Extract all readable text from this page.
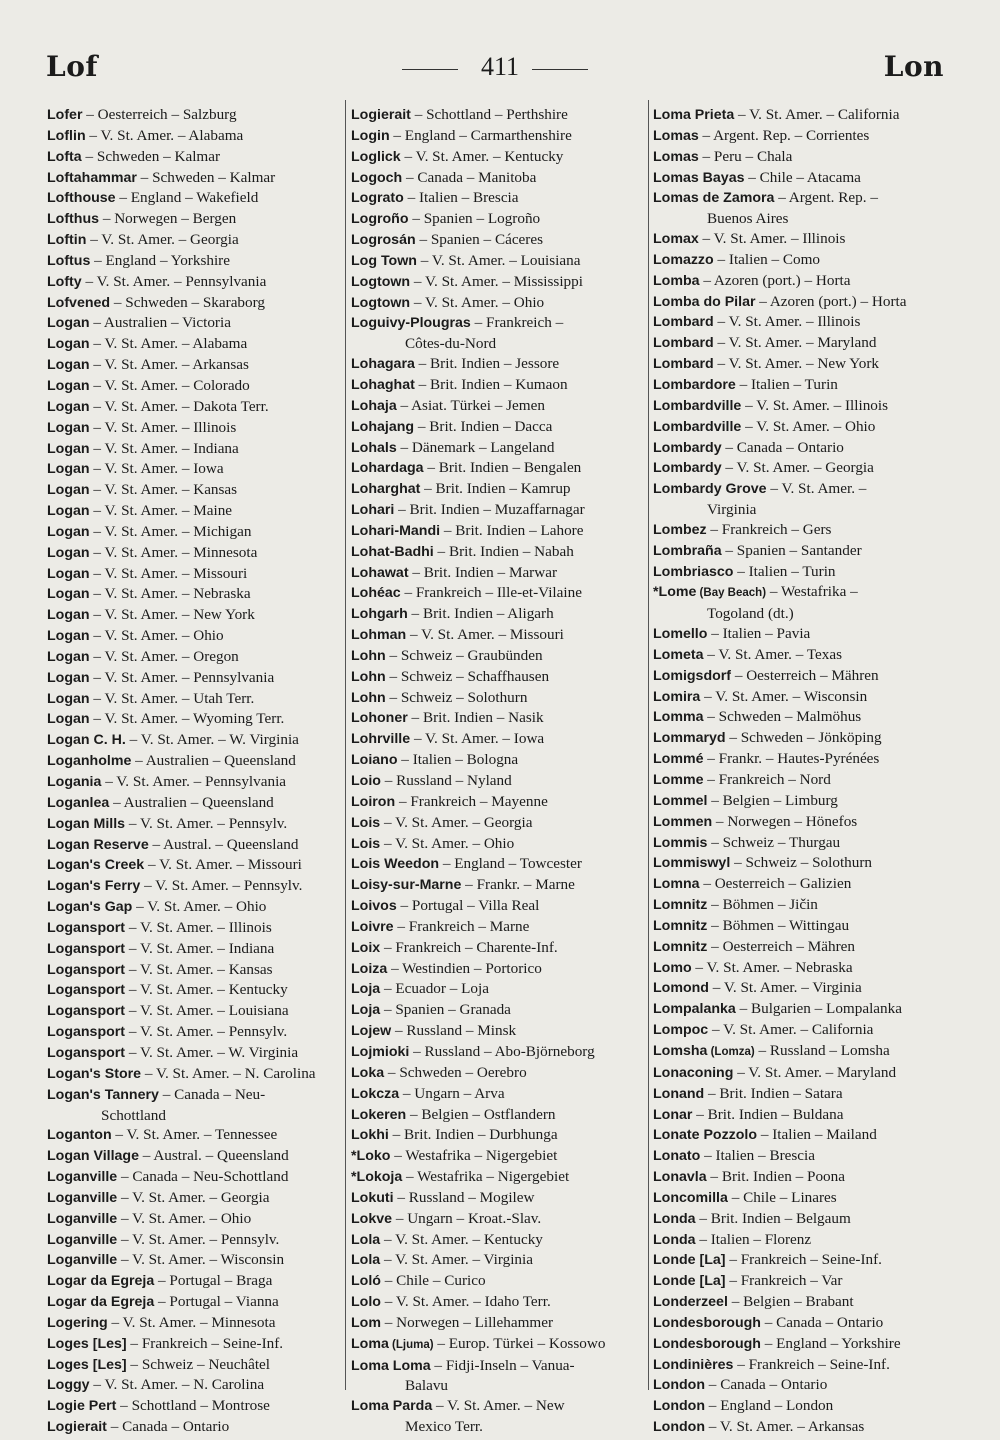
Lof	411	Lon
Lofer – Oesterreich – Salzburg
Loflin – V. St. Amer. – Alabama
Lofta – Schweden – Kalmar
Loftahammar – Schweden – Kalmar
Lofthouse – England – Wakefield
Lofthus – Norwegen – Bergen
Loftin – V. St. Amer. – Georgia
Loftus – England – Yorkshire
Lofty – V. St. Amer. – Pennsylvania
Lofvened – Schweden – Skaraborg
Logan – Australien – Victoria
Logan – V. St. Amer. – Alabama
Logan – V. St. Amer. – Arkansas
Logan – V. St. Amer. – Colorado
Logan – V. St. Amer. – Dakota Terr.
Logan – V. St. Amer. – Illinois
Logan – V. St. Amer. – Indiana
Logan – V. St. Amer. – Iowa
Logan – V. St. Amer. – Kansas
Logan – V. St. Amer. – Maine
Logan – V. St. Amer. – Michigan
Logan – V. St. Amer. – Minnesota
Logan – V. St. Amer. – Missouri
Logan – V. St. Amer. – Nebraska
Logan – V. St. Amer. – New York
Logan – V. St. Amer. – Ohio
Logan – V. St. Amer. – Oregon
Logan – V. St. Amer. – Pennsylvania
Logan – V. St. Amer. – Utah Terr.
Logan – V. St. Amer. – Wyoming Terr.
Logan C. H. – V. St. Amer. – W. Virginia
Loganholme – Australien – Queensland
Logania – V. St. Amer. – Pennsylvania
Loganlea – Australien – Queensland
Logan Mills – V. St. Amer. – Pennsylv.
Logan Reserve – Austral. – Queensland
Logan's Creek – V. St. Amer. – Missouri
Logan's Ferry – V. St. Amer. – Pennsylv.
Logan's Gap – V. St. Amer. – Ohio
Logansport – V. St. Amer. – Illinois
Logansport – V. St. Amer. – Indiana
Logansport – V. St. Amer. – Kansas
Logansport – V. St. Amer. – Kentucky
Logansport – V. St. Amer. – Louisiana
Logansport – V. St. Amer. – Pennsylv.
Logansport – V. St. Amer. – W. Virginia
Logan's Store – V. St. Amer. – N. Carolina
Logan's Tannery – Canada – Neu-
Schottland
Loganton – V. St. Amer. – Tennessee
Logan Village – Austral. – Queensland
Loganville – Canada – Neu-Schottland
Loganville – V. St. Amer. – Georgia
Loganville – V. St. Amer. – Ohio
Loganville – V. St. Amer. – Pennsylv.
Loganville – V. St. Amer. – Wisconsin
Logar da Egreja – Portugal – Braga
Logar da Egreja – Portugal – Vianna
Logering – V. St. Amer. – Minnesota
Loges [Les] – Frankreich – Seine-Inf.
Loges [Les] – Schweiz – Neuchâtel
Loggy – V. St. Amer. – N. Carolina
Logie Pert – Schottland – Montrose
Logierait – Canada – Ontario
Logierait – Schottland – Perthshire
Login – England – Carmarthenshire
Loglick – V. St. Amer. – Kentucky
Logoch – Canada – Manitoba
Lograto – Italien – Brescia
Logroño – Spanien – Logroño
Logrosán – Spanien – Cáceres
Log Town – V. St. Amer. – Louisiana
Logtown – V. St. Amer. – Mississippi
Logtown – V. St. Amer. – Ohio
Loguivy-Plougras – Frankreich –
Côtes-du-Nord
Lohagara – Brit. Indien – Jessore
Lohaghat – Brit. Indien – Kumaon
Lohaja – Asiat. Türkei – Jemen
Lohajang – Brit. Indien – Dacca
Lohals – Dänemark – Langeland
Lohardaga – Brit. Indien – Bengalen
Loharghat – Brit. Indien – Kamrup
Lohari – Brit. Indien – Muzaffarnagar
Lohari-Mandi – Brit. Indien – Lahore
Lohat-Badhi – Brit. Indien – Nabah
Lohawat – Brit. Indien – Marwar
Lohéac – Frankreich – Ille-et-Vilaine
Lohgarh – Brit. Indien – Aligarh
Lohman – V. St. Amer. – Missouri
Lohn – Schweiz – Graubünden
Lohn – Schweiz – Schaffhausen
Lohn – Schweiz – Solothurn
Lohoner – Brit. Indien – Nasik
Lohrville – V. St. Amer. – Iowa
Loiano – Italien – Bologna
Loio – Russland – Nyland
Loiron – Frankreich – Mayenne
Lois – V. St. Amer. – Georgia
Lois – V. St. Amer. – Ohio
Lois Weedon – England – Towcester
Loisy-sur-Marne – Frankr. – Marne
Loivos – Portugal – Villa Real
Loivre – Frankreich – Marne
Loix – Frankreich – Charente-Inf.
Loiza – Westindien – Portorico
Loja – Ecuador – Loja
Loja – Spanien – Granada
Lojew – Russland – Minsk
Lojmioki – Russland – Abo-Björneborg
Loka – Schweden – Oerebro
Lokcza – Ungarn – Arva
Lokeren – Belgien – Ostflandern
Lokhi – Brit. Indien – Durbhunga
*Loko – Westafrika – Nigergebiet
*Lokoja – Westafrika – Nigergebiet
Lokuti – Russland – Mogilew
Lokve – Ungarn – Kroat.-Slav.
Lola – V. St. Amer. – Kentucky
Lola – V. St. Amer. – Virginia
Loló – Chile – Curico
Lolo – V. St. Amer. – Idaho Terr.
Lom – Norwegen – Lillehammer
Loma (Ljuma) – Europ. Türkei – Kossowo
Loma Loma – Fidji-Inseln – Vanua-
Balavu
Loma Parda – V. St. Amer. – New
Mexico Terr.
Loma Prieta – V. St. Amer. – California
Lomas – Argent. Rep. – Corrientes
Lomas – Peru – Chala
Lomas Bayas – Chile – Atacama
Lomas de Zamora – Argent. Rep. –
Buenos Aires
Lomax – V. St. Amer. – Illinois
Lomazzo – Italien – Como
Lomba – Azoren (port.) – Horta
Lomba do Pilar – Azoren (port.) – Horta
Lombard – V. St. Amer. – Illinois
Lombard – V. St. Amer. – Maryland
Lombard – V. St. Amer. – New York
Lombardore – Italien – Turin
Lombardville – V. St. Amer. – Illinois
Lombardville – V. St. Amer. – Ohio
Lombardy – Canada – Ontario
Lombardy – V. St. Amer. – Georgia
Lombardy Grove – V. St. Amer. –
Virginia
Lombez – Frankreich – Gers
Lombraña – Spanien – Santander
Lombriasco – Italien – Turin
*Lome (Bay Beach) – Westafrika –
Togoland (dt.)
Lomello – Italien – Pavia
Lometa – V. St. Amer. – Texas
Lomigsdorf – Oesterreich – Mähren
Lomira – V. St. Amer. – Wisconsin
Lomma – Schweden – Malmöhus
Lommaryd – Schweden – Jönköping
Lommé – Frankr. – Hautes-Pyrénées
Lomme – Frankreich – Nord
Lommel – Belgien – Limburg
Lommen – Norwegen – Hönefos
Lommis – Schweiz – Thurgau
Lommiswyl – Schweiz – Solothurn
Lomna – Oesterreich – Galizien
Lomnitz – Böhmen – Jičin
Lomnitz – Böhmen – Wittingau
Lomnitz – Oesterreich – Mähren
Lomo – V. St. Amer. – Nebraska
Lomond – V. St. Amer. – Virginia
Lompalanka – Bulgarien – Lompalanka
Lompoc – V. St. Amer. – California
Lomsha (Lomza) – Russland – Lomsha
Lonaconing – V. St. Amer. – Maryland
Lonand – Brit. Indien – Satara
Lonar – Brit. Indien – Buldana
Lonate Pozzolo – Italien – Mailand
Lonato – Italien – Brescia
Lonavla – Brit. Indien – Poona
Loncomilla – Chile – Linares
Londa – Brit. Indien – Belgaum
Londa – Italien – Florenz
Londe [La] – Frankreich – Seine-Inf.
Londe [La] – Frankreich – Var
Londerzeel – Belgien – Brabant
Londesborough – Canada – Ontario
Londesborough – England – Yorkshire
Londinières – Frankreich – Seine-Inf.
London – Canada – Ontario
London – England – London
London – V. St. Amer. – Arkansas
